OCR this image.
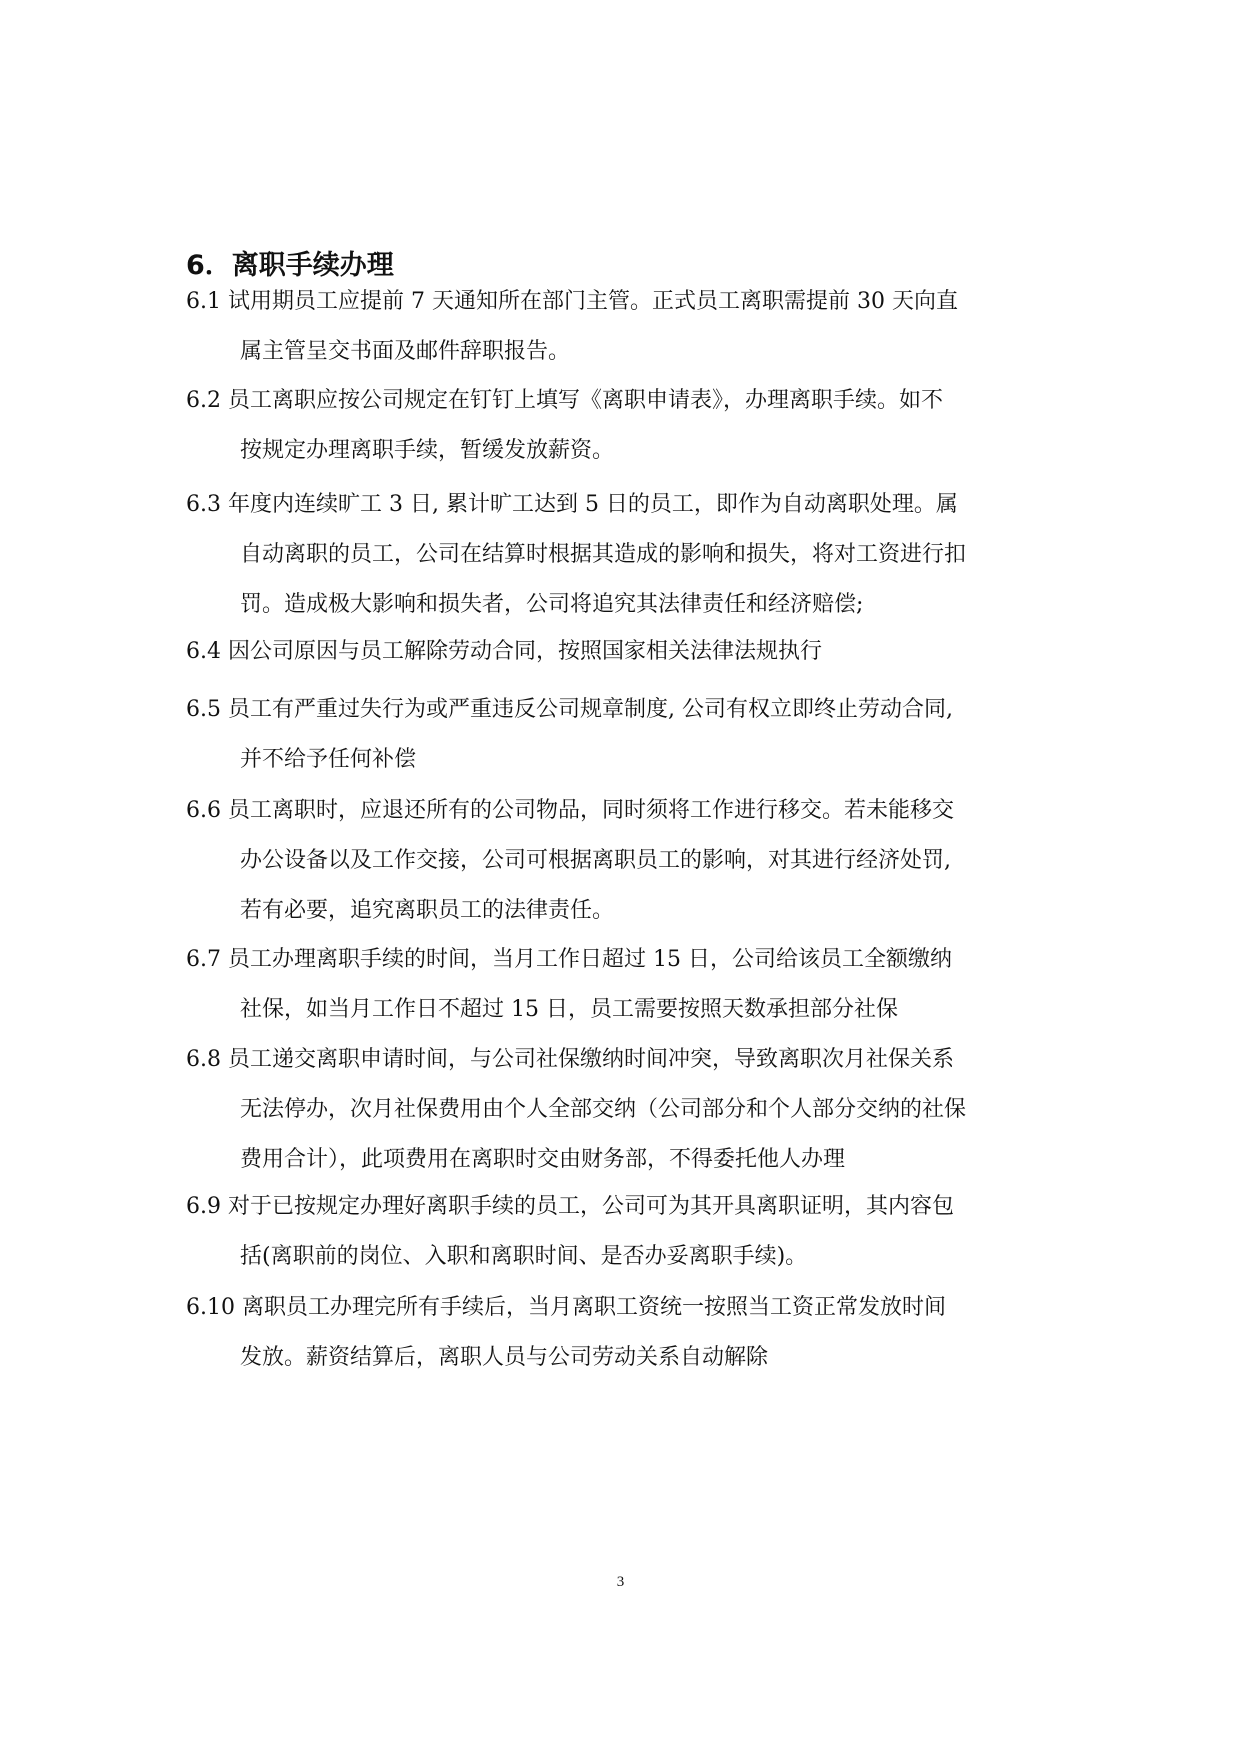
6．离职手续办理
6.1 试用期员工应提前 7 天通知所在部门主管。正式员工离职需提前 30 天向直
属主管呈交书面及邮件辞职报告。
6.2 员工离职应按公司规定在钉钉上填写《离职申请表》，办理离职手续。如不
按规定办理离职手续，暂缓发放薪资。
6.3 年度内连续旷工 3 日, 累计旷工达到 5 日的员工，即作为自动离职处理。属
自动离职的员工，公司在结算时根据其造成的影响和损失，将对工资进行扣
罚。造成极大影响和损失者，公司将追究其法律责任和经济赔偿;
6.4 因公司原因与员工解除劳动合同，按照国家相关法律法规执行
6.5 员工有严重过失行为或严重违反公司规章制度, 公司有权立即终止劳动合同,
并不给予任何补偿
6.6 员工离职时，应退还所有的公司物品，同时须将工作进行移交。若未能移交
办公设备以及工作交接，公司可根据离职员工的影响，对其进行经济处罚,
若有必要，追究离职员工的法律责任。
6.7 员工办理离职手续的时间，当月工作日超过 15 日，公司给该员工全额缴纳
社保，如当月工作日不超过 15 日，员工需要按照天数承担部分社保
6.8 员工递交离职申请时间，与公司社保缴纳时间冲突，导致离职次月社保关系
无法停办，次月社保费用由个人全部交纳（公司部分和个人部分交纳的社保
费用合计），此项费用在离职时交由财务部，不得委托他人办理
6.9 对于已按规定办理好离职手续的员工，公司可为其开具离职证明，其内容包
括(离职前的岗位、入职和离职时间、是否办妥离职手续)。
6.10 离职员工办理完所有手续后，当月离职工资统一按照当工资正常发放时间
发放。薪资结算后，离职人员与公司劳动关系自动解除
3
